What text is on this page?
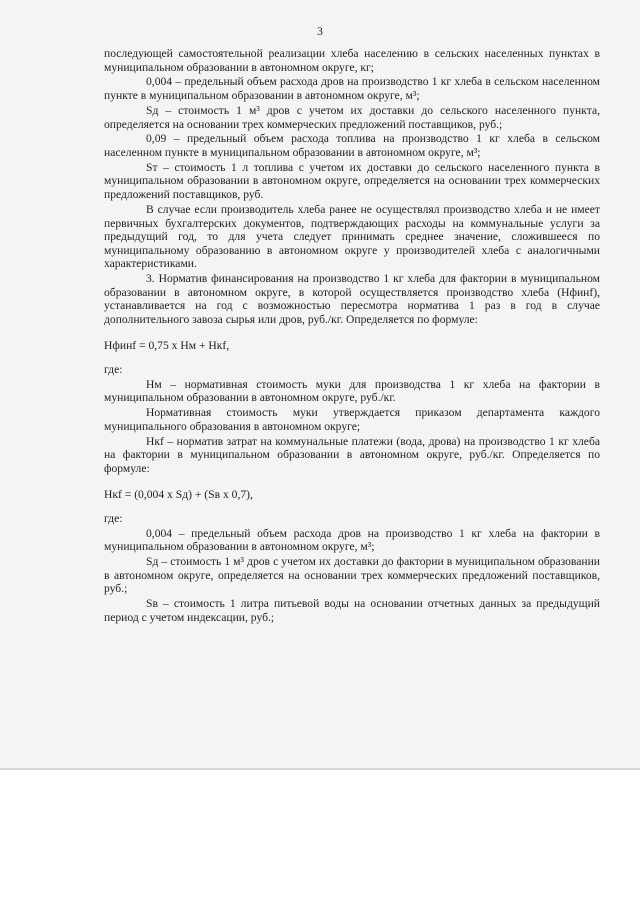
3

последующей самостоятельной реализации хлеба населению в сельских населенных пунктах в муниципальном образовании в автономном округе, кг;

0,004 – предельный объем расхода дров на производство 1 кг хлеба в сельском населенном пункте в муниципальном образовании в автономном округе, м³;

Sд – стоимость 1 м³ дров с учетом их доставки до сельского населенного пункта, определяется на основании трех коммерческих предложений поставщиков, руб.;

0,09 – предельный объем расхода топлива на производство 1 кг хлеба в сельском населенном пункте в муниципальном образовании в автономном округе, м³;

Sт – стоимость 1 л топлива с учетом их доставки до сельского населенного пункта в муниципальном образовании в автономном округе, определяется на основании трех коммерческих предложений поставщиков, руб.

В случае если производитель хлеба ранее не осуществлял производство хлеба и не имеет первичных бухгалтерских документов, подтверждающих расходы на коммунальные услуги за предыдущий год, то для учета следует принимать среднее значение, сложившееся по муниципальному образованию в автономном округе у производителей хлеба с аналогичными характеристиками.

3. Норматив финансирования на производство 1 кг хлеба для фактории в муниципальном образовании в автономном округе, в которой осуществляется производство хлеба (Нфинf), устанавливается на год с возможностью пересмотра норматива 1 раз в год в случае дополнительного завоза сырья или дров, руб./кг. Определяется по формуле:

Нфинf = 0,75 х Нм + Нкf,

где:

Нм – нормативная стоимость муки для производства 1 кг хлеба на фактории в муниципальном образовании в автономном округе, руб./кг.

Нормативная стоимость муки утверждается приказом департамента каждого муниципального образования в автономном округе;

Нкf – норматив затрат на коммунальные платежи (вода, дрова) на производство 1 кг хлеба на фактории в муниципальном образовании в автономном округе, руб./кг. Определяется по формуле:

Нкf = (0,004 х Sд) + (Sв х 0,7),

где:

0,004 – предельный объем расхода дров на производство 1 кг хлеба на фактории в муниципальном образовании в автономном округе, м³;

Sд – стоимость 1 м³ дров с учетом их доставки до фактории в муниципальном образовании в автономном округе, определяется на основании трех коммерческих предложений поставщиков, руб.;

Sв – стоимость 1 литра питьевой воды на основании отчетных данных за предыдущий период с учетом индексации, руб.;
